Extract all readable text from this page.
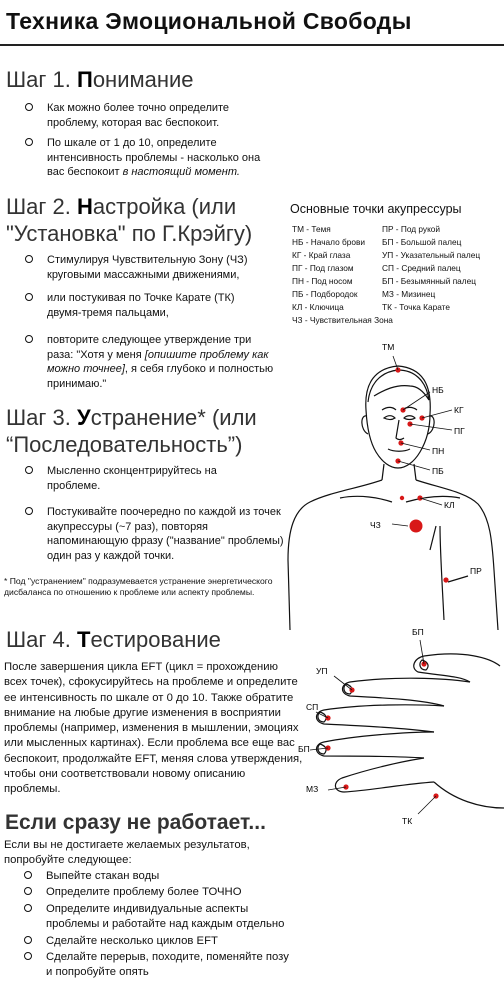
Техника Эмоциональной Свободы
Шаг 1. Понимание
Как можно более точно определите проблему, которая вас беспокоит.
По шкале от 1 до 10, определите интенсивность проблемы - насколько она вас беспокоит в настоящий момент.
Шаг 2. Настройка (или
"Установка" по Г.Крэйгу)
Стимулируя Чувствительную Зону (ЧЗ) круговыми массажными движениями,
или постукивая по Точке Карате (ТК) двумя-тремя пальцами,
повторите следующее утверждение три раза: "Хотя у меня [опишите проблему как можно точнее], я себя глубоко и полностью принимаю."
Шаг 3. Устранение* (или
“Последовательность”)
Мысленно сконцентрируйтесь на проблеме.
Постукивайте поочередно по каждой из точек акупрессуры (~7 раз), повторяя напоминающую фразу ("название" проблемы) один раз у каждой точки.
* Под "устранением" подразумевается устранение энергетического дисбаланса по отношению к проблеме или аспекту проблемы.
Шаг 4. Тестирование
После завершения цикла EFT (цикл = прохождению всех точек), сфокусируйтесь на проблеме и определите ее интенсивность по шкале от 0 до 10. Также обратите внимание на любые другие изменения в восприятии проблемы (например, изменения в мышлении, эмоциях или мысленных картинах). Если проблема все еще вас беспокоит, продолжайте EFT, меняя слова утверждения, чтобы они соответствовали новому описанию проблемы.
Если сразу не работает...
Если вы не достигаете желаемых результатов, попробуйте следующее:
Выпейте стакан воды
Определите проблему более ТОЧНО
Определите индивидуальные аспекты проблемы и работайте над каждым отдельно
Сделайте несколько циклов EFT
Сделайте перерыв, походите, поменяйте позу и попробуйте опять
Основные точки акупрессуры
ТМ - Темя
НБ - Начало брови
КГ - Край глаза
ПГ - Под глазом
ПН - Под носом
ПБ - Подбородок
КЛ - Ключица
ПР - Под рукой
БП - Большой палец
УП - Указательный палец
СП - Средний палец
БП - Безымянный палец
МЗ - Мизинец
ТК - Точка Карате
ЧЗ - Чувствительная Зона
ТМ
НБ
КГ
ПГ
ПН
ПБ
КЛ
ЧЗ
ПР
БП
УП
СП
БП
МЗ
ТК
